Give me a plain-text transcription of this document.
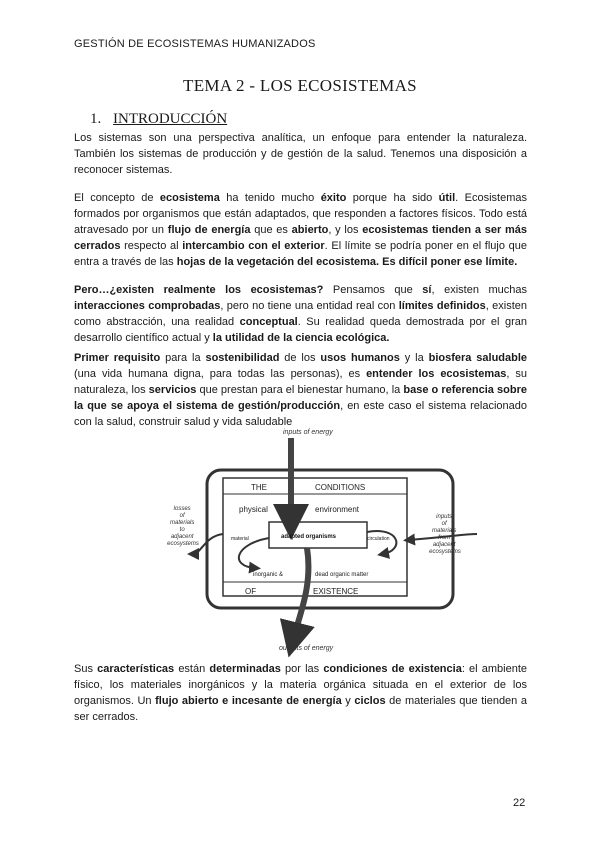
GESTIÓN DE ECOSISTEMAS HUMANIZADOS
TEMA 2 - LOS ECOSISTEMAS
1. INTRODUCCIÓN
Los sistemas son una perspectiva analítica, un enfoque para entender la naturaleza. También los sistemas de producción y de gestión de la salud. Tenemos una disposición a reconocer sistemas.
El concepto de ecosistema ha tenido mucho éxito porque ha sido útil. Ecosistemas formados por organismos que están adaptados, que responden a factores físicos. Todo está atravesado por un flujo de energía que es abierto, y los ecosistemas tienden a ser más cerrados respecto al intercambio con el exterior. El límite se podría poner en el flujo que entra a través de las hojas de la vegetación del ecosistema. Es difícil poner ese límite.
Pero…¿existen realmente los ecosistemas? Pensamos que sí, existen muchas interacciones comprobadas, pero no tiene una entidad real con límites definidos, existen como abstracción, una realidad conceptual. Su realidad queda demostrada por el gran desarrollo científico actual y la utilidad de la ciencia ecológica.
Primer requisito para la sostenibilidad de los usos humanos y la biosfera saludable (una vida humana digna, para todas las personas), es entender los ecosistemas, su naturaleza, los servicios que prestan para el bienestar humano, la base o referencia sobre la que se apoya el sistema de gestión/producción, en este caso el sistema relacionado con la salud, construir salud y vida saludable
Sus características están determinadas por las condiciones de existencia: el ambiente físico, los materiales inorgánicos y la materia orgánica situada en el exterior de los organismos. Un flujo abierto e incesante de energía y ciclos de materiales que tienden a ser cerrados.
inputs of energy
outputs of energy
THE	CONDITIONS
physical	environment
adapted organisms
material	circulation
inorganic &	dead organic matter
OF	EXISTENCE
losses of materials to adjacent ecosystems
inputs of materials from adjacent ecosystems
22
